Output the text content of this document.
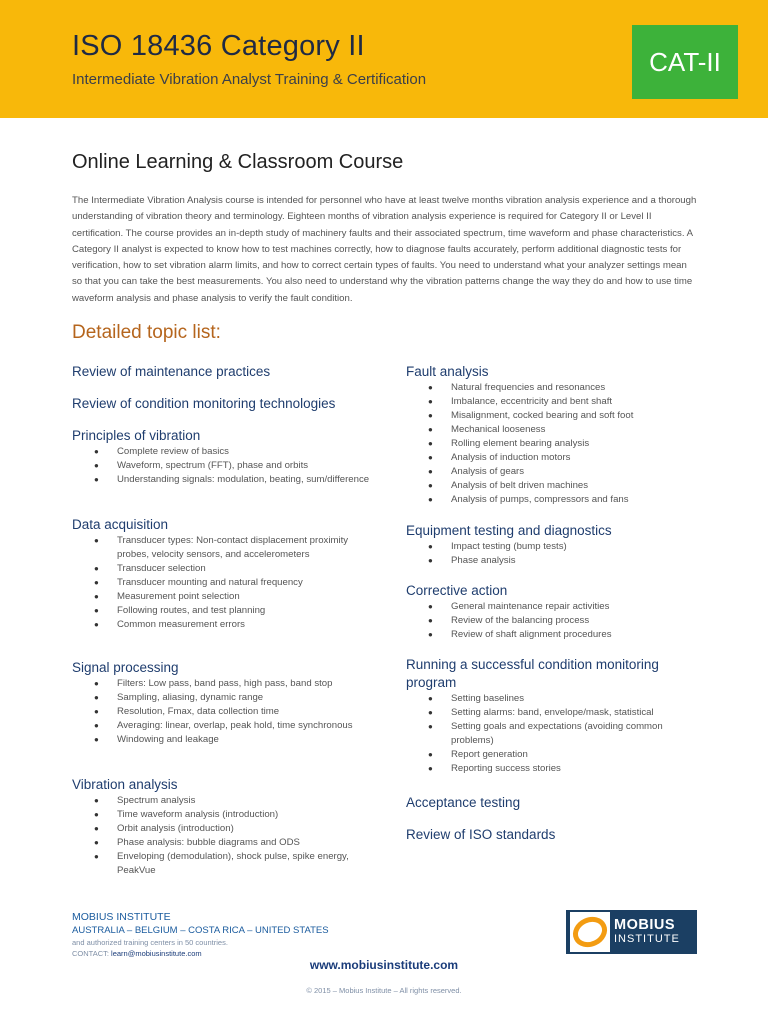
ISO 18436 Category II
Intermediate Vibration Analyst Training & Certification
CAT-II
Online Learning & Classroom Course

The Intermediate Vibration Analysis course is intended for personnel who have at least twelve months vibration analysis experience and a thorough understanding of vibration theory and terminology. Eighteen months of vibration analysis experience is required for Category II or Level II certification. The course provides an in-depth study of machinery faults and their associated spectrum, time waveform and phase characteristics. A Category II analyst is expected to know how to test machines correctly, how to diagnose faults accurately, perform additional diagnostic tests for verification, how to set vibration alarm limits, and how to correct certain types of faults. You need to understand what your analyzer settings mean so that you can take the best measurements. You also need to understand why the vibration patterns change the way they do and how to use time waveform analysis and phase analysis to verify the fault condition.

Detailed topic list:
Review of maintenance practices
Review of condition monitoring technologies
Principles of vibration
● Complete review of basics
● Waveform, spectrum (FFT), phase and orbits
● Understanding signals: modulation, beating, sum/difference
Data acquisition
● Transducer types: Non-contact displacement proximity probes, velocity sensors, and accelerometers
● Transducer selection
● Transducer mounting and natural frequency
● Measurement point selection
● Following routes, and test planning
● Common measurement errors
Signal processing
● Filters: Low pass, band pass, high pass, band stop
● Sampling, aliasing, dynamic range
● Resolution, Fmax, data collection time
● Averaging: linear, overlap, peak hold, time synchronous
● Windowing and leakage
Vibration analysis
● Spectrum analysis
● Time waveform analysis (introduction)
● Orbit analysis (introduction)
● Phase analysis: bubble diagrams and ODS
● Enveloping (demodulation), shock pulse, spike energy, PeakVue
Fault analysis
● Natural frequencies and resonances
● Imbalance, eccentricity and bent shaft
● Misalignment, cocked bearing and soft foot
● Mechanical looseness
● Rolling element bearing analysis
● Analysis of induction motors
● Analysis of gears
● Analysis of belt driven machines
● Analysis of pumps, compressors and fans
Equipment testing and diagnostics
● Impact testing (bump tests)
● Phase analysis
Corrective action
● General maintenance repair activities
● Review of the balancing process
● Review of shaft alignment procedures
Running a successful condition monitoring program
● Setting baselines
● Setting alarms: band, envelope/mask, statistical
● Setting goals and expectations (avoiding common problems)
● Report generation
● Reporting success stories
Acceptance testing
Review of ISO standards
MOBIUS INSTITUTE
AUSTRALIA – BELGIUM – COSTA RICA – UNITED STATES
and authorized training centers in 50 countries.
CONTACT: learn@mobiusinstitute.com
MOBIUS
INSTITUTE
www.mobiusinstitute.com
© 2015 – Mobius Institute – All rights reserved.
